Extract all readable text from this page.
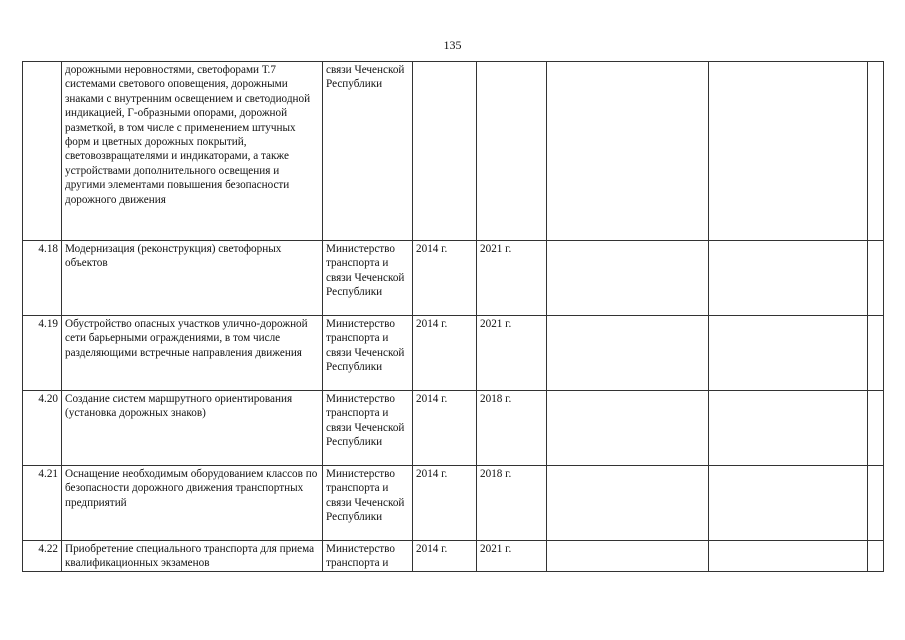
135
	дорожными неровностями, светофорами Т.7 системами светового оповещения, дорожными знаками с внутренним освещением и светодиодной индикацией, Г-образными опорами, дорожной разметкой, в том числе с применением штучных форм и цветных дорожных покрытий, световозвращателями и индикаторами, а также устройствами дополнительного освещения и другими элементами повышения безопасности дорожного движения	связи Чеченской Республики					
4.18	Модернизация (реконструкция) светофорных объектов	Министерство транспорта и связи Чеченской Республики	2014 г.	2021 г.			
4.19	Обустройство опасных участков улично-дорожной сети барьерными ограждениями, в том числе разделяющими встречные направления движения	Министерство транспорта и связи Чеченской Республики	2014 г.	2021 г.			
4.20	Создание систем маршрутного ориентирования (установка дорожных знаков)	Министерство транспорта и связи Чеченской Республики	2014 г.	2018 г.			
4.21	Оснащение необходимым оборудованием классов по безопасности дорожного движения транспортных предприятий	Министерство транспорта и связи Чеченской Республики	2014 г.	2018 г.			
4.22	Приобретение специального транспорта для приема квалификационных экзаменов	Министерство транспорта и	2014 г.	2021 г.			
